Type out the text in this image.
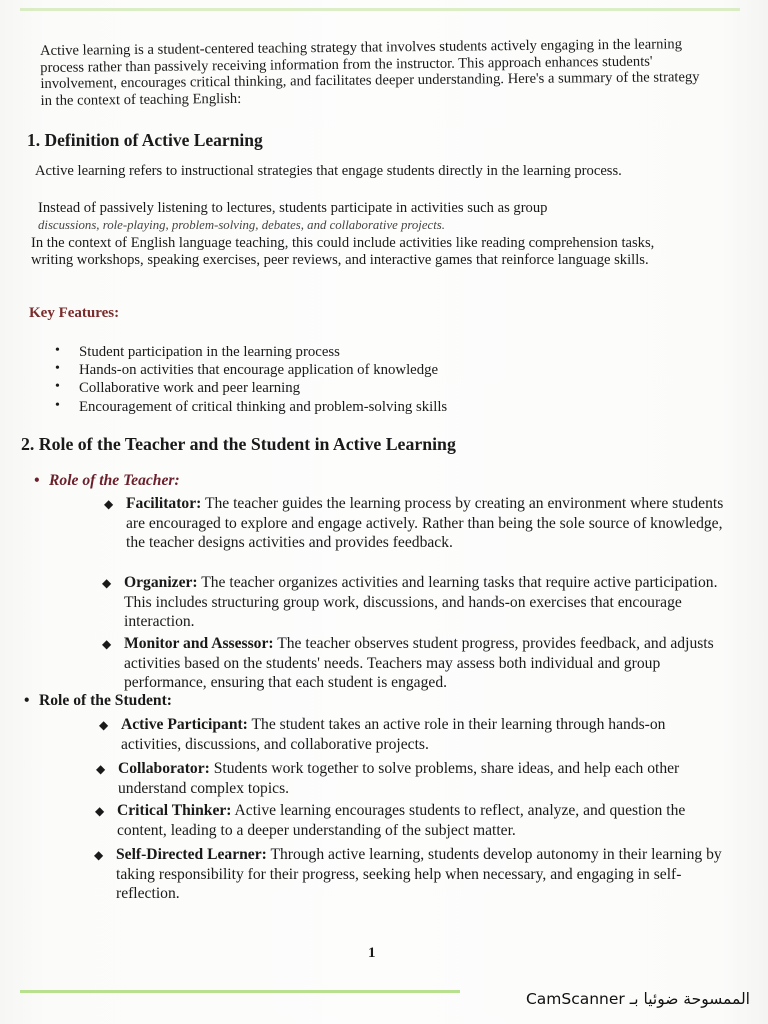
Active learning is a student-centered teaching strategy that involves students actively engaging in the learning process rather than passively receiving information from the instructor. This approach enhances students' involvement, encourages critical thinking, and facilitates deeper understanding. Here's a summary of the strategy in the context of teaching English:
1. Definition of Active Learning
Active learning refers to instructional strategies that engage students directly in the learning process.
Instead of passively listening to lectures, students participate in activities such as group
discussions, role-playing, problem-solving, debates, and collaborative projects.
In the context of English language teaching, this could include activities like reading comprehension tasks, writing workshops, speaking exercises, peer reviews, and interactive games that reinforce language skills.
Key Features:
• Student participation in the learning process
• Hands-on activities that encourage application of knowledge
• Collaborative work and peer learning
• Encouragement of critical thinking and problem-solving skills
2. Role of the Teacher and the Student in Active Learning
• Role of the Teacher:
◆ Facilitator: The teacher guides the learning process by creating an environment where students are encouraged to explore and engage actively. Rather than being the sole source of knowledge, the teacher designs activities and provides feedback.
◆ Organizer: The teacher organizes activities and learning tasks that require active participation. This includes structuring group work, discussions, and hands-on exercises that encourage interaction.
◆ Monitor and Assessor: The teacher observes student progress, provides feedback, and adjusts activities based on the students' needs. Teachers may assess both individual and group performance, ensuring that each student is engaged.
• Role of the Student:
◆ Active Participant: The student takes an active role in their learning through hands-on activities, discussions, and collaborative projects.
◆ Collaborator: Students work together to solve problems, share ideas, and help each other understand complex topics.
◆ Critical Thinker: Active learning encourages students to reflect, analyze, and question the content, leading to a deeper understanding of the subject matter.
◆ Self-Directed Learner: Through active learning, students develop autonomy in their learning by taking responsibility for their progress, seeking help when necessary, and engaging in self-reflection.
1
CamScanner الممسوحة ضوئيا بـ
